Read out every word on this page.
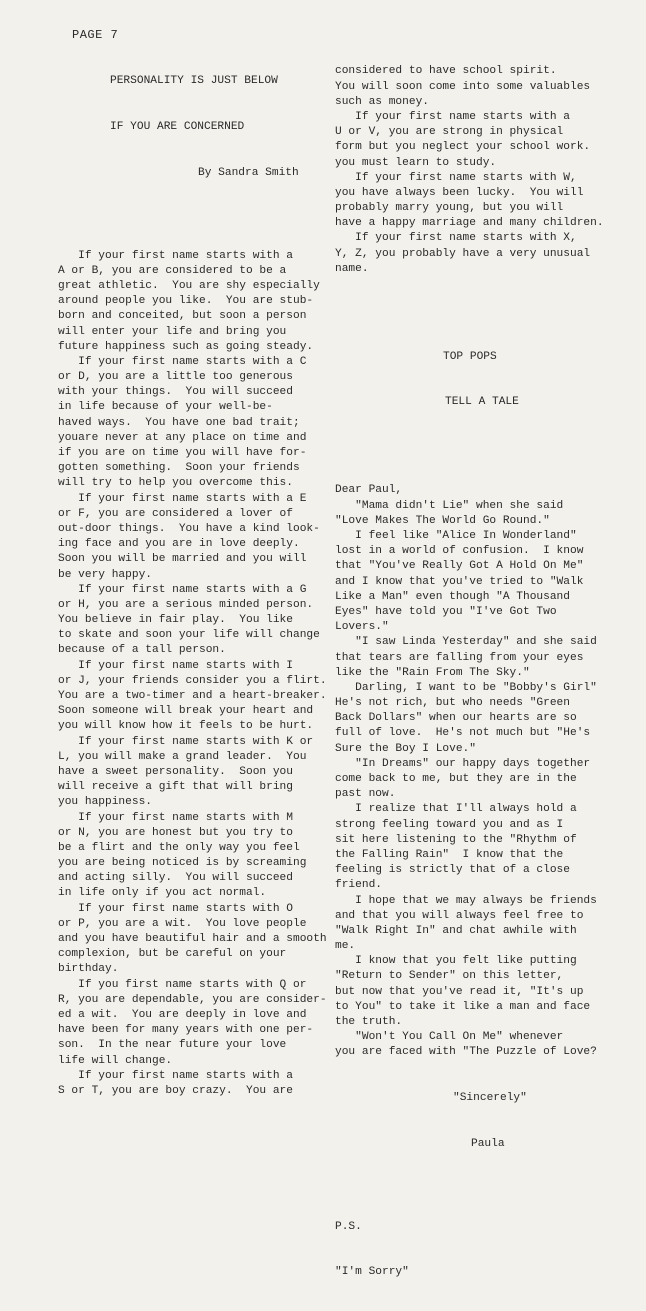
PAGE 7

PERSONALITY IS JUST BELOW

IF YOU ARE CONCERNED

By Sandra Smith

If your first name starts with a
A or B, you are considered to be a
great athletic.  You are shy especially
around people you like.  You are stub-
born and conceited, but soon a person
will enter your life and bring you
future happiness such as going steady.
If your first name starts with a C
or D, you are a little too generous
with your things.  You will succeed
in life because of your well-be-
haved ways.  You have one bad trait;
youare never at any place on time and
if you are on time you will have for-
gotten something.  Soon your friends
will try to help you overcome this.
If your first name starts with a E
or F, you are considered a lover of
out-door things.  You have a kind look-
ing face and you are in love deeply.
Soon you will be married and you will
be very happy.
If your first name starts with a G
or H, you are a serious minded person.
You believe in fair play.  You like
to skate and soon your life will change
because of a tall person.
If your first name starts with I
or J, your friends consider you a flirt.
You are a two-timer and a heart-breaker.
Soon someone will break your heart and
you will know how it feels to be hurt.
If your first name starts with K or
L, you will make a grand leader.  You
have a sweet personality.  Soon you
will receive a gift that will bring
you happiness.
If your first name starts with M
or N, you are honest but you try to
be a flirt and the only way you feel
you are being noticed is by screaming
and acting silly.  You will succeed
in life only if you act normal.
If your first name starts with O
or P, you are a wit.  You love people
and you have beautiful hair and a smooth
complexion, but be careful on your
birthday.
If you first name starts with Q or
R, you are dependable, you are consider-
ed a wit.  You are deeply in love and
have been for many years with one per-
son.  In the near future your love
life will change.
If your first name starts with a
S or T, you are boy crazy.  You are

considered to have school spirit.
You will soon come into some valuables
such as money.
If your first name starts with a
U or V, you are strong in physical
form but you neglect your school work.
you must learn to study.
If your first name starts with W,
you have always been lucky.  You will
probably marry young, but you will
have a happy marriage and many children.
If your first name starts with X,
Y, Z, you probably have a very unusual
name.

TOP POPS

TELL A TALE

Dear Paul,
"Mama didn't Lie" when she said
"Love Makes The World Go Round."
I feel like "Alice In Wonderland"
lost in a world of confusion.  I know
that "You've Really Got A Hold On Me"
and I know that you've tried to "Walk
Like a Man" even though "A Thousand
Eyes" have told you "I've Got Two
Lovers."
"I saw Linda Yesterday" and she said
that tears are falling from your eyes
like the "Rain From The Sky."
Darling, I want to be "Bobby's Girl"
He's not rich, but who needs "Green
Back Dollars" when our hearts are so
full of love.  He's not much but "He's
Sure the Boy I Love."
"In Dreams" our happy days together
come back to me, but they are in the
past now.
I realize that I'll always hold a
strong feeling toward you and as I
sit here listening to the "Rhythm of
the Falling Rain"  I know that the
feeling is strictly that of a close
friend.
I hope that we may always be friends
and that you will always feel free to
"Walk Right In" and chat awhile with
me.
I know that you felt like putting
"Return to Sender" on this letter,
but now that you've read it, "It's up
to You" to take it like a man and face
the truth.
"Won't You Call On Me" whenever
you are faced with "The Puzzle of Love?

"Sincerely"

Paula

P.S.

"I'm Sorry"
